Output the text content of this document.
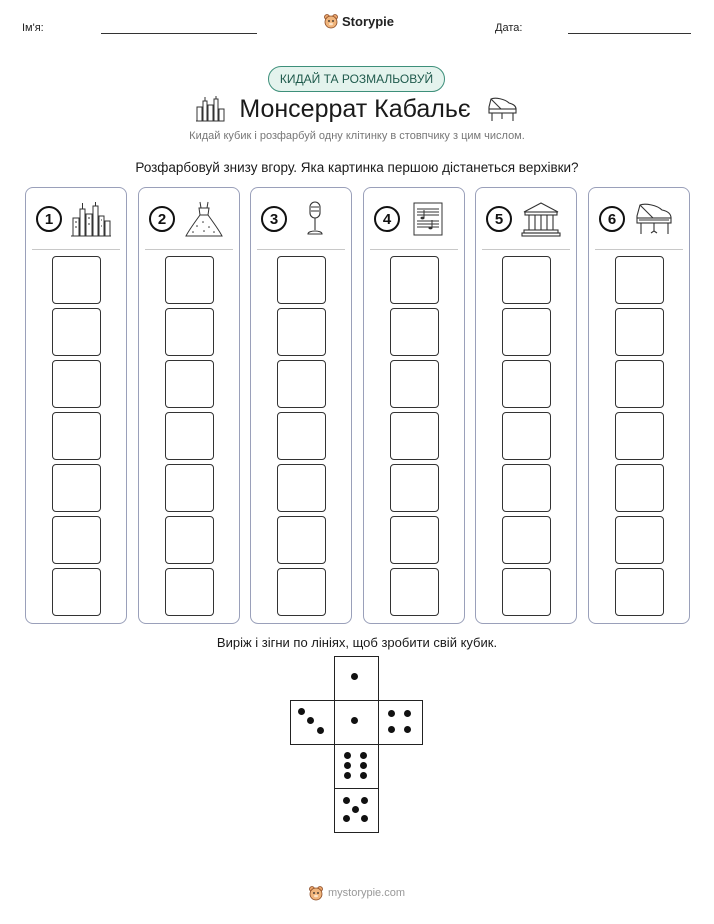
Ім'я:	Storypie	Дата:
КИДАЙ ТА РОЗМАЛЬОВУЙ
Монсеррат Кабальє
Кидай кубик і розфарбуй одну клітинку в стовпчику з цим числом.
Розфарбовуй знизу вгору. Яка картинка першою дістанеться верхівки?
1	2	3	4	5	6
Виріж і зігни по лініях, щоб зробити свій кубик.
mystorypie.com
